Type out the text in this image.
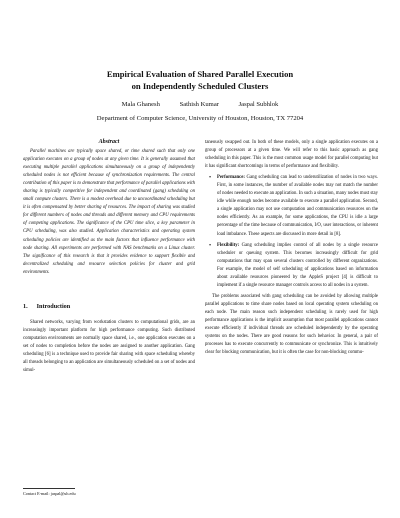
Empirical Evaluation of Shared Parallel Execution
on Independently Scheduled Clusters
Mala Ghanesh	Sathish Kumar	Jaspal Subhlok
Department of Computer Science, University of Houston, Houston, TX 77204
Abstract

Parallel machines are typically space shared, or time shared such that only one application executes on a group of nodes at any given time. It is generally assumed that executing multiple parallel applications simultaneously on a group of independently scheduled nodes is not efficient because of synchronization requirements. The central contribution of this paper is to demonstrate that performance of parallel applications with sharing is typically competitive for independent and coordinated (gang) scheduling on small compute clusters. There is a modest overhead due to uncoordinated scheduling but it is often compensated by better sharing of resources. The impact of sharing was studied for different numbers of nodes and threads and different memory and CPU requirements of competing applications. The significance of the CPU time slice, a key parameter in CPU scheduling, was also studied. Application characteristics and operating system scheduling policies are identified as the main factors that influence performance with node sharing. All experiments are performed with NAS benchmarks on a Linux cluster. The significance of this research is that it provides evidence to support flexible and decentralized scheduling and resource selection policies for cluster and grid environments.

1. Introduction

Shared networks, varying from workstation clusters to computational grids, are an increasingly important platform for high performance computing. Such distributed computation environments are normally space shared, i.e., one application executes on a set of nodes to completion before the nodes are assigned to another application. Gang scheduling [6] is a technique used to provide fair sharing with space scheduling whereby all threads belonging to an application are simultaneously scheduled on a set of nodes and simul-

Contact E-mail: jaspal@uh.edu

taneously swapped out. In both of these models, only a single application executes on a group of processors at a given time. We will refer to this basic approach as gang scheduling in this paper. This is the most common usage model for parallel computing but it has significant shortcomings in terms of performance and flexibility.

• Performance: Gang scheduling can lead to underutilization of nodes in two ways. First, in some instances, the number of available nodes may not match the number of nodes needed to execute an application. In such a situation, many nodes must stay idle while enough nodes become available to execute a parallel application. Second, a single application may not use computation and communication resources on the nodes efficiently. As an example, for some applications, the CPU is idle a large percentage of the time because of communication, I/O, user interactions, or inherent load imbalance. These aspects are discussed in more detail in [8].
• Flexibility: Gang scheduling implies control of all nodes by a single resource scheduler or queuing system. This becomes increasingly difficult for grid computations that may span several clusters controlled by different organizations. For example, the model of self scheduling of applications based on information about available resources pioneered by the AppleS project [4] is difficult to implement if a single resource manager controls access to all nodes in a system.

The problems associated with gang scheduling can be avoided by allowing multiple parallel applications to time share nodes based on local operating system scheduling on each node. The main reason such independent scheduling is rarely used for high performance applications is the implicit assumption that most parallel applications cannot execute efficiently if individual threads are scheduled independently by the operating systems on the nodes. There are good reasons for such behavior. In general, a pair of processes has to execute concurrently to communicate or synchronize. This is intuitively clear for blocking communication, but it is often the case for non-blocking commu-
